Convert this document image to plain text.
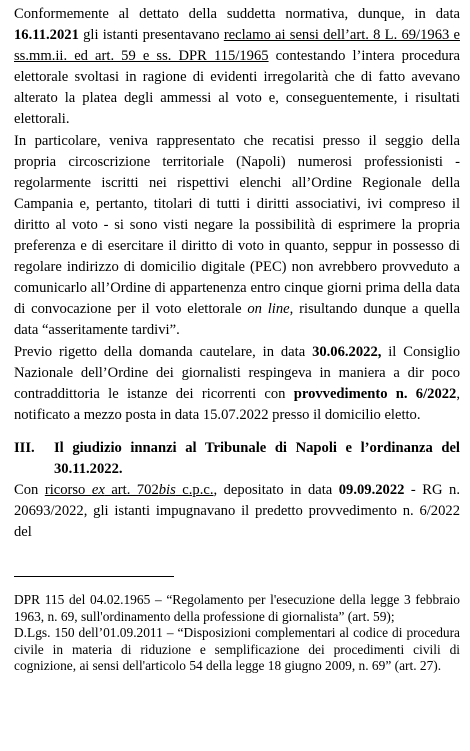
Conformemente al dettato della suddetta normativa, dunque, in data 16.11.2021 gli istanti presentavano reclamo ai sensi dell’art. 8 L. 69/1963 e ss.mm.ii. ed art. 59 e ss. DPR 115/1965 contestando l’intera procedura elettorale svoltasi in ragione di evidenti irregolarità che di fatto avevano alterato la platea degli ammessi al voto e, conseguentemente, i risultati elettorali.

In particolare, veniva rappresentato che recatisi presso il seggio della propria circoscrizione territoriale (Napoli) numerosi professionisti - regolarmente iscritti nei rispettivi elenchi all’Ordine Regionale della Campania e, pertanto, titolari di tutti i diritti associativi, ivi compreso il diritto al voto - si sono visti negare la possibilità di esprimere la propria preferenza e di esercitare il diritto di voto in quanto, seppur in possesso di regolare indirizzo di domicilio digitale (PEC) non avrebbero provveduto a comunicarlo all’Ordine di appartenenza entro cinque giorni prima della data di convocazione per il voto elettorale on line, risultando dunque a quella data “asseritamente tardivi”.

Previo rigetto della domanda cautelare, in data 30.06.2022, il Consiglio Nazionale dell’Ordine dei giornalisti respingeva in maniera a dir poco contraddittoria le istanze dei ricorrenti con provvedimento n. 6/2022, notificato a mezzo posta in data 15.07.2022 presso il domicilio eletto.

III.	Il giudizio innanzi al Tribunale di Napoli e l’ordinanza del 30.11.2022.

Con ricorso ex art. 702bis c.p.c., depositato in data 09.09.2022 - RG n. 20693/2022, gli istanti impugnavano il predetto provvedimento n. 6/2022 del

DPR 115 del 04.02.1965 – “Regolamento per l'esecuzione della legge 3 febbraio 1963, n. 69, sull'ordinamento della professione di giornalista” (art. 59);

D.Lgs. 150 dell’01.09.2011 – “Disposizioni complementari al codice di procedura civile in materia di riduzione e semplificazione dei procedimenti civili di cognizione, ai sensi dell'articolo 54 della legge 18 giugno 2009, n. 69” (art. 27).
